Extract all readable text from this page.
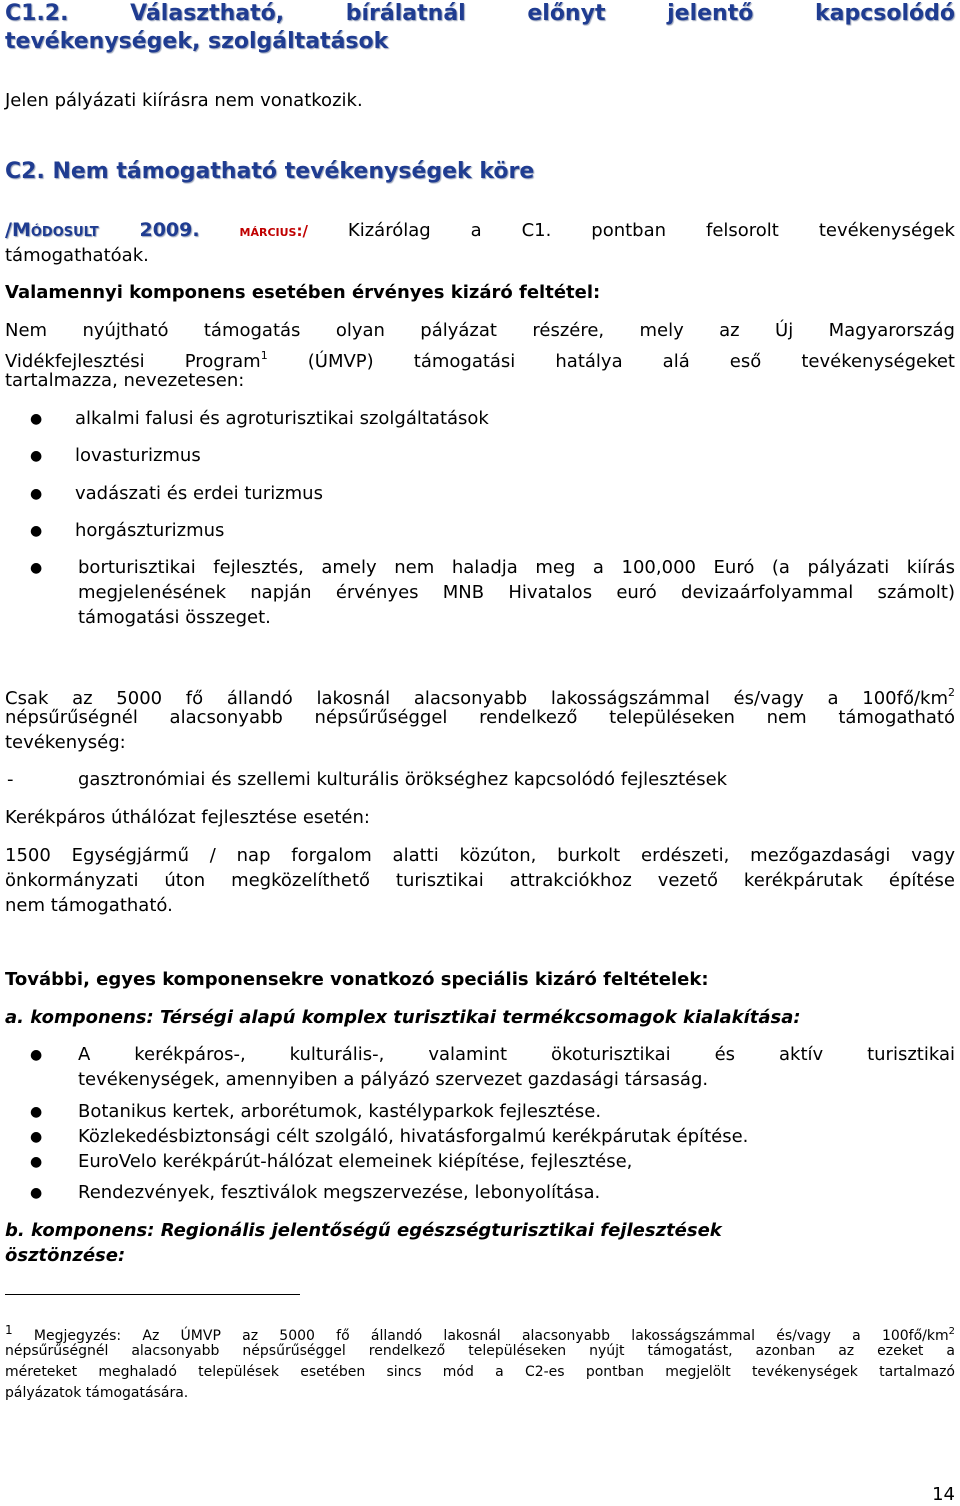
C1.2.	Választható,	bírálatnál	előnyt	jelentő	kapcsolódó
tevékenységek, szolgáltatások
Jelen pályázati kiírásra nem vonatkozik.
C2. Nem támogatható tevékenységek köre
/Módosult 2009.	március:/ Kizárólag a C1. pontban felsorolt tevékenységek
támogathatóak.
Valamennyi komponens esetében érvényes kizáró feltétel:
Nem nyújtható támogatás olyan pályázat részére, mely az Új Magyarország
Vidékfejlesztési Program$^1$ (ÚMVP) támogatási hatálya alá eső tevékenységeket
tartalmazza, nevezetesen:
● alkalmi falusi és agroturisztikai szolgáltatások
● lovasturizmus
● vadászati és erdei turizmus
● horgászturizmus
● borturisztikai fejlesztés, amely nem haladja meg a 100,000 Euró (a pályázati kiírás
megjelenésének napján érvényes MNB Hivatalos euró devizaárfolyammal számolt)
támogatási összeget.
Csak az 5000 fő állandó lakosnál alacsonyabb lakosságszámmal és/vagy a $100fő/km^2$
népsűrűségnél alacsonyabb népsűrűséggel rendelkező településeken nem támogatható
tevékenység:
-	gasztronómiai és szellemi kulturális örökséghez kapcsolódó fejlesztések
Kerékpáros úthálózat fejlesztése esetén:
1500 Egységjármű / nap forgalom alatti közúton, burkolt erdészeti, mezőgazdasági vagy
önkormányzati úton megközelíthető turisztikai attrakciókhoz vezető kerékpárutak építése
nem támogatható.
További, egyes komponensekre vonatkozó speciális kizáró feltételek:
a. komponens: Térségi alapú komplex turisztikai termékcsomagok kialakítása:
● A kerékpáros-, kulturális-, valamint ökoturisztikai és aktív turisztikai
tevékenységek, amennyiben a pályázó szervezet gazdasági társaság.
● Botanikus kertek, arborétumok, kastélyparkok fejlesztése.
● Közlekedésbiztonsági célt szolgáló, hivatásforgalmú kerékpárutak építése.
● EuroVelo kerékpárút-hálózat elemeinek kiépítése, fejlesztése,
● Rendezvények, fesztiválok megszervezése, lebonyolítása.
b. komponens: Regionális jelentőségű egészségturisztikai fejlesztések
ösztönzése:
1 Megjegyzés: Az ÚMVP az 5000 fő állandó lakosnál alacsonyabb lakosságszámmal és/vagy a $100fő/km^2$
népsűrűségnél alacsonyabb népsűrűséggel rendelkező településeken nyújt támogatást, azonban az ezeket a
méreteket meghaladó települések esetében sincs mód a C2-es pontban megjelölt tevékenységek tartalmazó
pályázatok támogatására.
14
